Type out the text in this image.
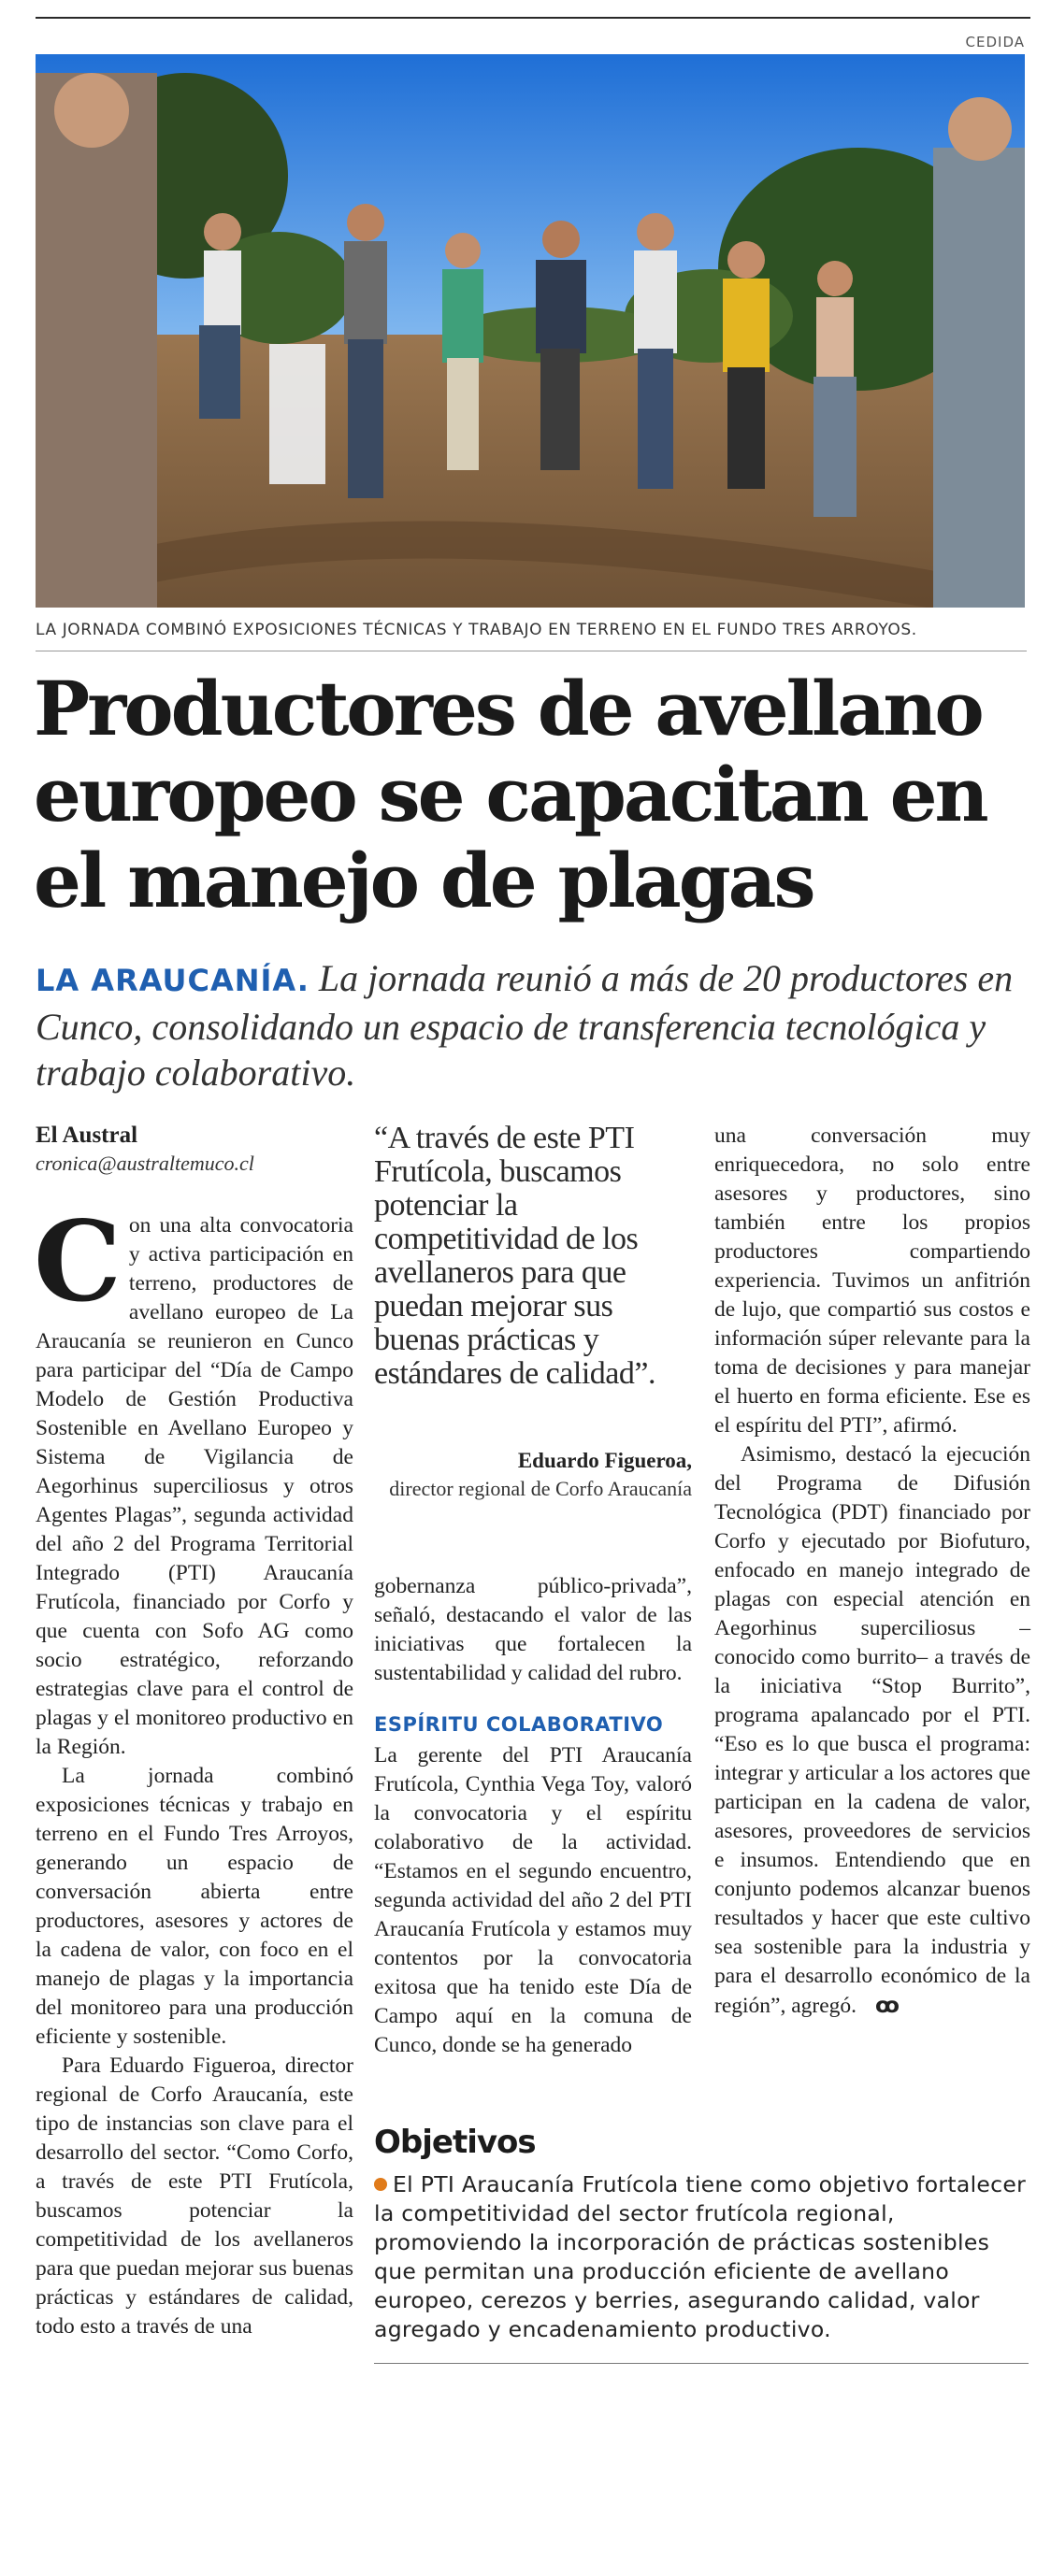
CEDIDA
LA JORNADA COMBINÓ EXPOSICIONES TÉCNICAS Y TRABAJO EN TERRENO EN EL FUNDO TRES ARROYOS.
Productores de avellano europeo se capacitan en el manejo de plagas

LA ARAUCANÍA. La jornada reunió a más de 20 productores en Cunco, consolidando un espacio de transferencia tecnológica y trabajo colaborativo.

El Austral
cronica@australtemuco.cl

Con una alta convocatoria y activa participación en terreno, productores de avellano europeo de La Araucanía se reunieron en Cunco para participar del “Día de Campo Modelo de Gestión Productiva Sostenible en Avellano Europeo y Sistema de Vigilancia de Aegorhinus superciliosus y otros Agentes Plagas”, segunda actividad del año 2 del Programa Territorial Integrado (PTI) Araucanía Frutícola, financiado por Corfo y que cuenta con Sofo AG como socio estratégico, reforzando estrategias clave para el control de plagas y el monitoreo productivo en la Región.

La jornada combinó exposiciones técnicas y trabajo en terreno en el Fundo Tres Arroyos, generando un espacio de conversación abierta entre productores, asesores y actores de la cadena de valor, con foco en el manejo de plagas y la importancia del monitoreo para una producción eficiente y sostenible.

Para Eduardo Figueroa, director regional de Corfo Araucanía, este tipo de instancias son clave para el desarrollo del sector. “Como Corfo, a través de este PTI Frutícola, buscamos potenciar la competitividad de los avellaneros para que puedan mejorar sus buenas prácticas y estándares de calidad, todo esto a través de una

“A través de este PTI Frutícola, buscamos potenciar la competitividad de los avellaneros para que puedan mejorar sus buenas prácticas y estándares de calidad”.
Eduardo Figueroa,
director regional de Corfo Araucanía

gobernanza público-privada”, señaló, destacando el valor de las iniciativas que fortalecen la sustentabilidad y calidad del rubro.

ESPÍRITU COLABORATIVO

La gerente del PTI Araucanía Frutícola, Cynthia Vega Toy, valoró la convocatoria y el espíritu colaborativo de la actividad. “Estamos en el segundo encuentro, segunda actividad del año 2 del PTI Araucanía Frutícola y estamos muy contentos por la convocatoria exitosa que ha tenido este Día de Campo aquí en la comuna de Cunco, donde se ha generado

una conversación muy enriquecedora, no solo entre asesores y productores, sino también entre los propios productores compartiendo experiencia. Tuvimos un anfitrión de lujo, que compartió sus costos e información súper relevante para la toma de decisiones y para manejar el huerto en forma eficiente. Ese es el espíritu del PTI”, afirmó.

Asimismo, destacó la ejecución del Programa de Difusión Tecnológica (PDT) financiado por Corfo y ejecutado por Biofuturo, enfocado en manejo integrado de plagas con especial atención en Aegorhinus superciliosus –conocido como burrito– a través de la iniciativa “Stop Burrito”, programa apalancado por el PTI. “Eso es lo que busca el programa: integrar y articular a los actores que participan en la cadena de valor, asesores, proveedores de servicios e insumos. Entendiendo que en conjunto podemos alcanzar buenos resultados y hacer que este cultivo sea sostenible para la industria y para el desarrollo económico de la región”, agregó. ꝏ

Objetivos

El PTI Araucanía Frutícola tiene como objetivo fortalecer la competitividad del sector frutícola regional, promoviendo la incorporación de prácticas sostenibles que permitan una producción eficiente de avellano europeo, cerezos y berries, asegurando calidad, valor agregado y encadenamiento productivo.
